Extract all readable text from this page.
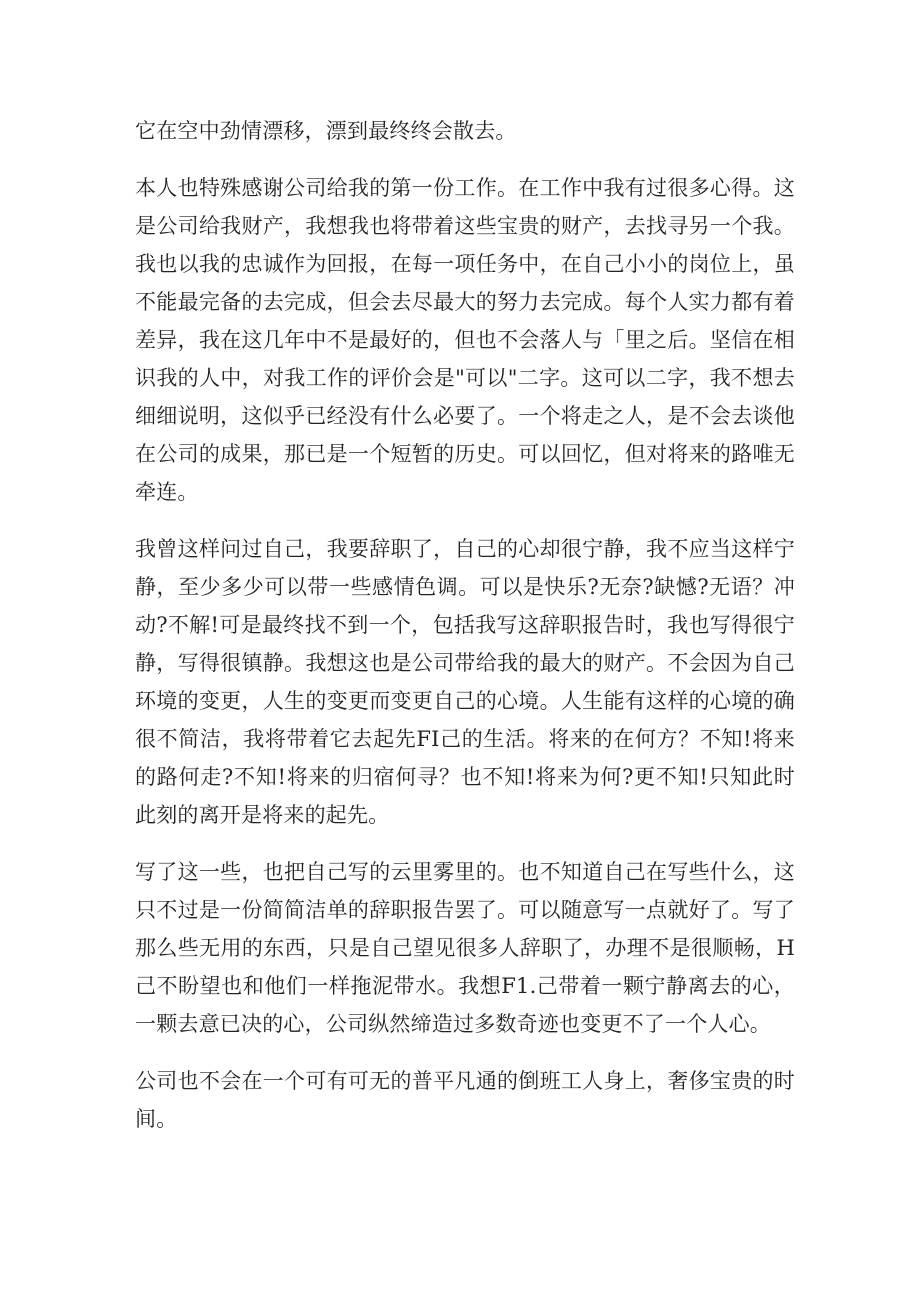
它在空中劲情漂移，漂到最终终会散去。

本人也特殊感谢公司给我的第一份工作。在工作中我有过很多心得。这是公司给我财产，我想我也将带着这些宝贵的财产，去找寻另一个我。我也以我的忠诚作为回报，在每一项任务中，在自己小小的岗位上，虽不能最完备的去完成，但会去尽最大的努力去完成。每个人实力都有着差异，我在这几年中不是最好的，但也不会落人与「里之后。坚信在相识我的人中，对我工作的评价会是"可以"二字。这可以二字，我不想去细细说明，这似乎已经没有什么必要了。一个将走之人，是不会去谈他在公司的成果，那已是一个短暂的历史。可以回忆，但对将来的路唯无牵连。

我曾这样问过自己，我要辞职了，自己的心却很宁静，我不应当这样宁静，至少多少可以带一些感情色调。可以是快乐?无奈?缺憾?无语？冲动?不解!可是最终找不到一个，包括我写这辞职报告时，我也写得很宁静，写得很镇静。我想这也是公司带给我的最大的财产。不会因为自己环境的变更，人生的变更而变更自己的心境。人生能有这样的心境的确很不简洁，我将带着它去起先FI己的生活。将来的在何方？不知!将来的路何走?不知!将来的归宿何寻？也不知!将来为何?更不知!只知此时此刻的离开是将来的起先。

写了这一些，也把自己写的云里雾里的。也不知道自己在写些什么，这只不过是一份简简洁单的辞职报告罢了。可以随意写一点就好了。写了那么些无用的东西，只是自己望见很多人辞职了，办理不是很顺畅，H己不盼望也和他们一样拖泥带水。我想F1.己带着一颗宁静离去的心，一颗去意已决的心，公司纵然缔造过多数奇迹也变更不了一个人心。

公司也不会在一个可有可无的普平凡通的倒班工人身上，奢侈宝贵的时间。
